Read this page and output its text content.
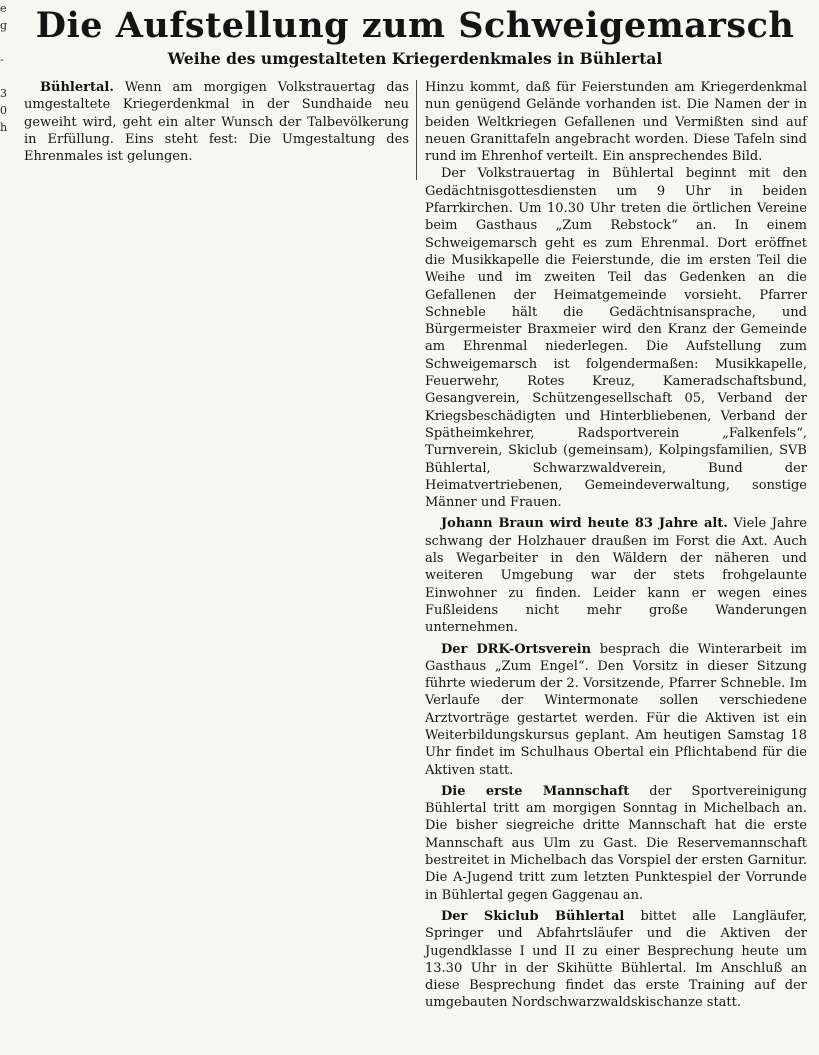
e
g
-
3
0
h
Die Aufstellung zum Schweigemarsch
Weihe des umgestalteten Kriegerdenkmales in Bühlertal

Bühlertal. Wenn am morgigen Volkstrauertag das umgestaltete Kriegerdenkmal in der Sundhaide neu geweiht wird, geht ein alter Wunsch der Talbevölkerung in Erfüllung. Eins steht fest: Die Umgestaltung des Ehrenmales ist gelungen.

Hinzu kommt, daß für Feierstunden am Kriegerdenkmal nun genügend Gelände vorhanden ist. Die Namen der in beiden Weltkriegen Gefallenen und Vermißten sind auf neuen Granittafeln angebracht worden. Diese Tafeln sind rund im Ehrenhof verteilt. Ein ansprechendes Bild.

Der Volkstrauertag in Bühlertal beginnt mit den Gedächtnisgottesdiensten um 9 Uhr in beiden Pfarrkirchen. Um 10.30 Uhr treten die örtlichen Vereine beim Gasthaus „Zum Rebstock“ an. In einem Schweigemarsch geht es zum Ehrenmal. Dort eröffnet die Musikkapelle die Feierstunde, die im ersten Teil die Weihe und im zweiten Teil das Gedenken an die Gefallenen der Heimatgemeinde vorsieht. Pfarrer Schneble hält die Gedächtnisansprache, und Bürgermeister Braxmeier wird den Kranz der Gemeinde am Ehrenmal niederlegen. Die Aufstellung zum Schweigemarsch ist folgendermaßen: Musikkapelle, Feuerwehr, Rotes Kreuz, Kameradschaftsbund, Gesangverein, Schützengesellschaft 05, Verband der Kriegsbeschädigten und Hinterbliebenen, Verband der Spätheimkehrer, Radsportverein „Falkenfels“, Turnverein, Skiclub (gemeinsam), Kolpingsfamilien, SVB Bühlertal, Schwarzwaldverein, Bund der Heimatvertriebenen, Gemeindeverwaltung, sonstige Männer und Frauen.

Johann Braun wird heute 83 Jahre alt. Viele Jahre schwang der Holzhauer draußen im Forst die Axt. Auch als Wegarbeiter in den Wäldern der näheren und weiteren Umgebung war der stets frohgelaunte Einwohner zu finden. Leider kann er wegen eines Fußleidens nicht mehr große Wanderungen unternehmen.

Der DRK-Ortsverein besprach die Winterarbeit im Gasthaus „Zum Engel“. Den Vorsitz in dieser Sitzung führte wiederum der 2. Vorsitzende, Pfarrer Schneble. Im Verlaufe der Wintermonate sollen verschiedene Arztvorträge gestartet werden. Für die Aktiven ist ein Weiterbildungskursus geplant. Am heutigen Samstag 18 Uhr findet im Schulhaus Obertal ein Pflichtabend für die Aktiven statt.

Die erste Mannschaft der Sportvereinigung Bühlertal tritt am morgigen Sonntag in Michelbach an. Die bisher siegreiche dritte Mannschaft hat die erste Mannschaft aus Ulm zu Gast. Die Reservemannschaft bestreitet in Michelbach das Vorspiel der ersten Garnitur. Die A-Jugend tritt zum letzten Punktespiel der Vorrunde in Bühlertal gegen Gaggenau an.

Der Skiclub Bühlertal bittet alle Langläufer, Springer und Abfahrtsläufer und die Aktiven der Jugendklasse I und II zu einer Besprechung heute um 13.30 Uhr in der Skihütte Bühlertal. Im Anschluß an diese Besprechung findet das erste Training auf der umgebauten Nordschwarzwaldskischanze statt.
